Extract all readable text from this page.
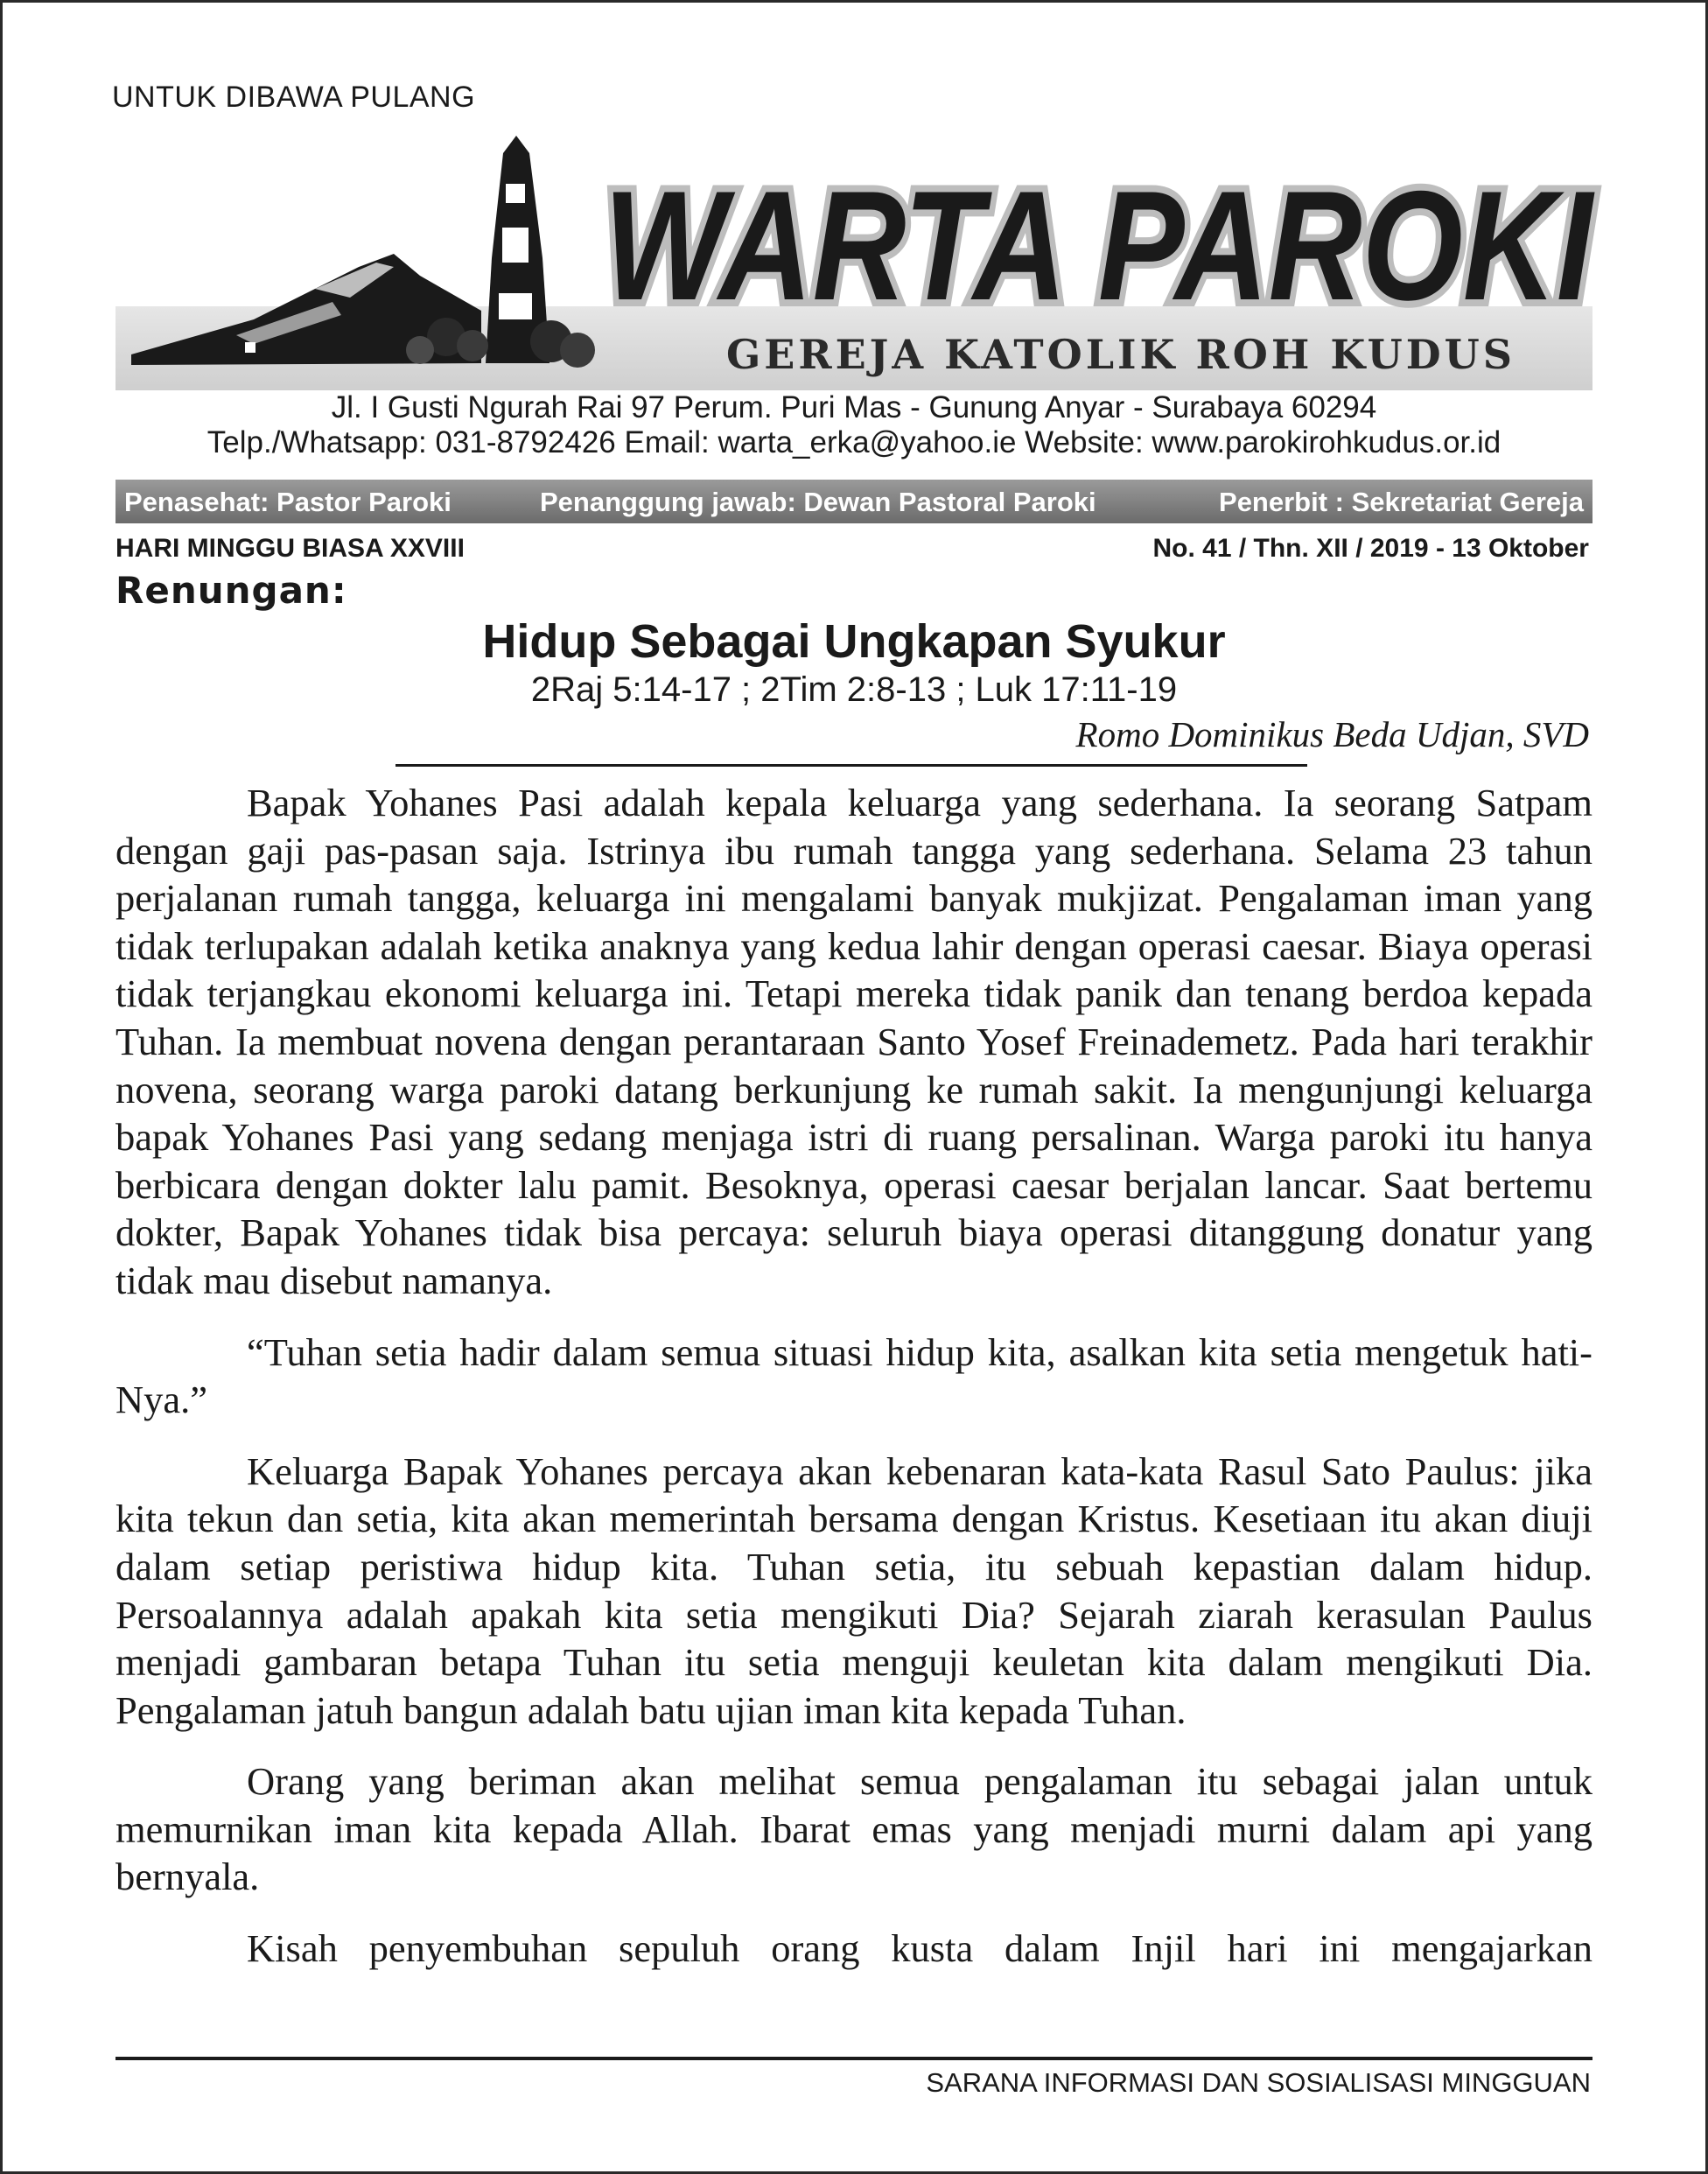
UNTUK DIBAWA PULANG
WARTA PAROKI
WARTA PAROKI
GEREJA KATOLIK ROH KUDUS
Jl. I Gusti Ngurah Rai 97 Perum. Puri Mas - Gunung Anyar - Surabaya 60294
Telp./Whatsapp: 031-8792426 Email: warta_erka@yahoo.ie Website: www.parokirohkudus.or.id
Penasehat: Pastor Paroki	Penanggung jawab: Dewan Pastoral Paroki	Penerbit : Sekretariat Gereja
HARI MINGGU BIASA XXVIII	No. 41 / Thn. XII / 2019 - 13 Oktober
Renungan:
Hidup Sebagai Ungkapan Syukur
2Raj 5:14-17 ; 2Tim 2:8-13 ; Luk 17:11-19
Romo Dominikus Beda Udjan, SVD

Bapak Yohanes Pasi adalah kepala keluarga yang sederhana. Ia seorang Satpam dengan gaji pas-pasan saja. Istrinya ibu rumah tangga yang sederhana. Selama 23 tahun perjalanan rumah tangga, keluarga ini mengalami banyak mukjizat. Pengalaman iman yang tidak terlupakan adalah ketika anaknya yang kedua lahir dengan operasi caesar. Biaya operasi tidak terjangkau ekonomi keluarga ini. Tetapi mereka tidak panik dan tenang berdoa kepada Tuhan. Ia membuat novena dengan perantaraan Santo Yosef Freinademetz. Pada hari terakhir novena, seorang warga paroki datang berkunjung ke rumah sakit. Ia mengunjungi keluarga bapak Yohanes Pasi yang sedang menjaga istri di ruang persalinan. Warga paroki itu hanya berbicara dengan dokter lalu pamit. Besoknya, operasi caesar berjalan lancar. Saat bertemu dokter, Bapak Yohanes tidak bisa percaya: seluruh biaya operasi ditanggung donatur yang tidak mau disebut namanya.

“Tuhan setia hadir dalam semua situasi hidup kita, asalkan kita setia mengetuk hati-Nya.”

Keluarga Bapak Yohanes percaya akan kebenaran kata-kata Rasul Sato Paulus: jika kita tekun dan setia, kita akan memerintah bersama dengan Kristus. Kesetiaan itu akan diuji dalam setiap peristiwa hidup kita. Tuhan setia, itu sebuah kepastian dalam hidup. Persoalannya adalah apakah kita setia mengikuti Dia? Sejarah ziarah kerasulan Paulus menjadi gambaran betapa Tuhan itu setia menguji keuletan kita dalam mengikuti Dia. Pengalaman jatuh bangun adalah batu ujian iman kita kepada Tuhan.

Orang yang beriman akan melihat semua pengalaman itu sebagai jalan untuk memurnikan iman kita kepada Allah. Ibarat emas yang menjadi murni dalam api yang bernyala.

Kisah penyembuhan sepuluh orang kusta dalam Injil hari ini mengajarkan

SARANA INFORMASI DAN SOSIALISASI MINGGUAN
